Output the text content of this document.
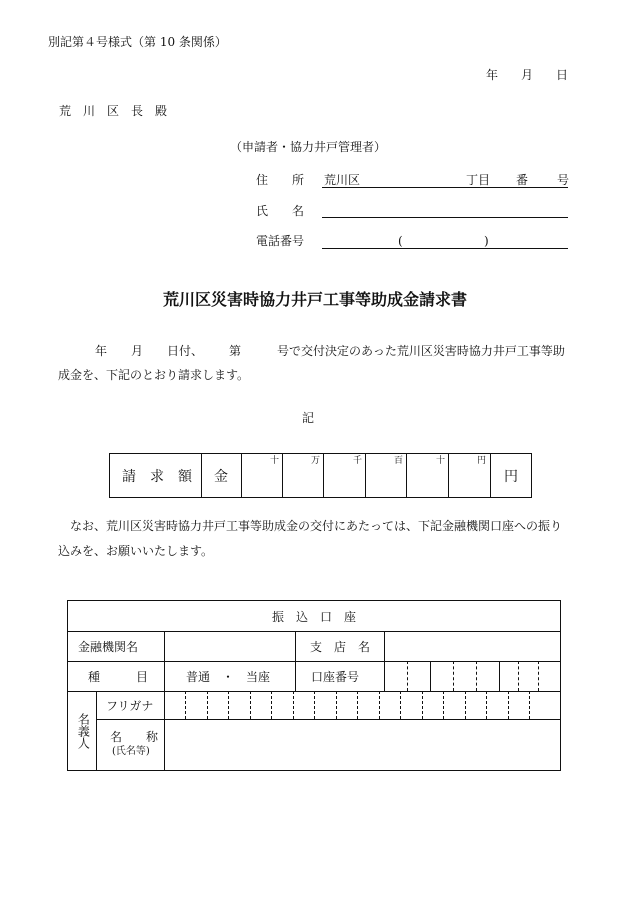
別記第４号様式（第 10 条関係）
年 月 日
荒　川　区　長　殿
（申請者・協力井戸管理者）
住　　所 荒川区	丁目 番 号
氏　　名
電話番号	(	)
荒川区災害時協力井戸工事等助成金請求書
年 月 日付、 第	号で交付決定のあった荒川区災害時協力井戸工事等助
成金を、下記のとおり請求します。
記
請　求　額 金
十	万	千	百	十	円
円
なお、荒川区災害時協力井戸工事等助成金の交付にあたっては、下記金融機関口座への振り
込みを、お願いいたします。
振　込　口　座
金融機関名	支　店　名
種　　　目	普通　・　当座	口座番号
名義人
フリガナ
名　　称
(氏名等)
